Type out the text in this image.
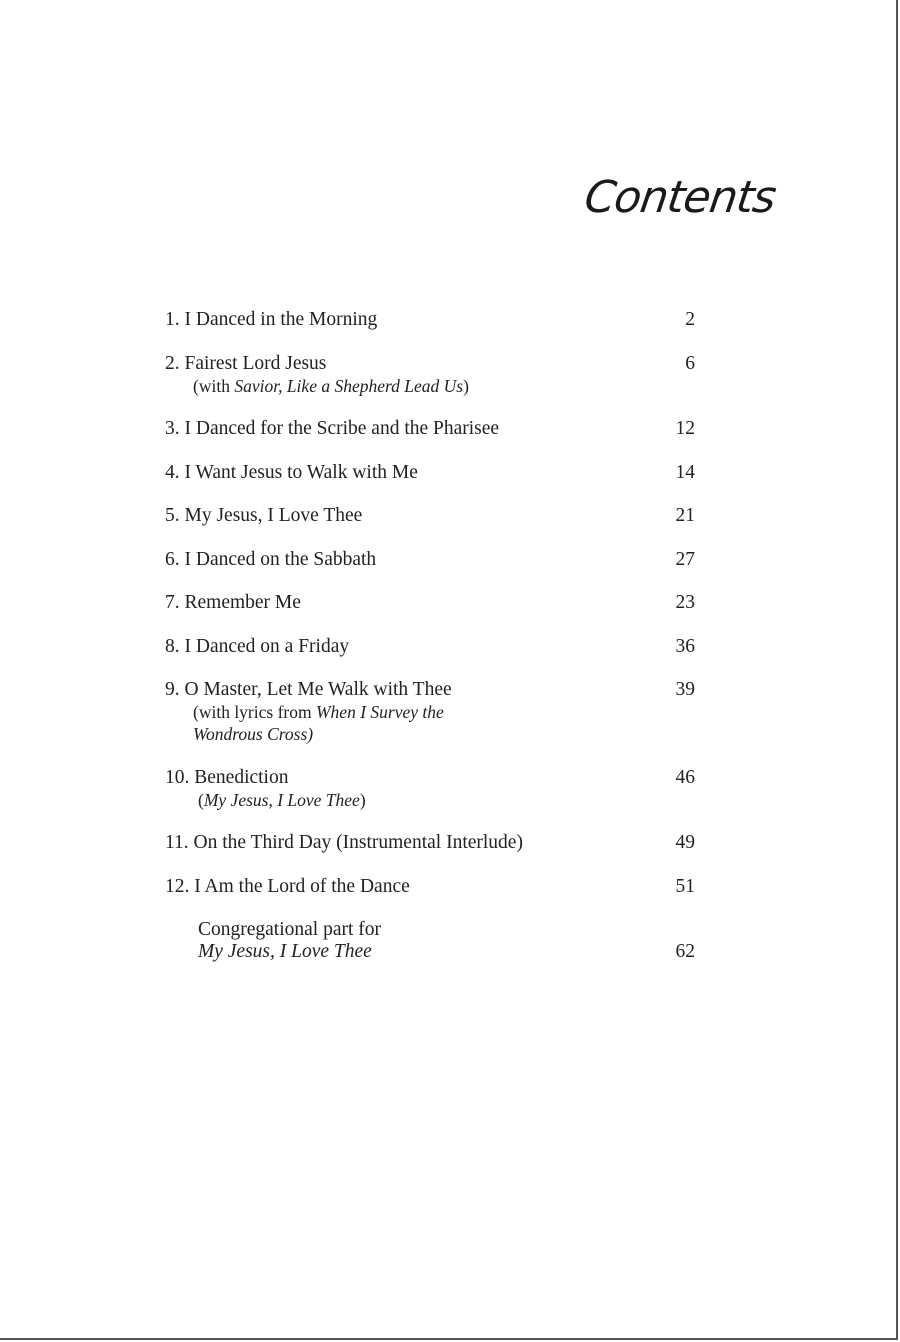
Contents
1. I Danced in the Morning	2
2. Fairest Lord Jesus	6
(with Savior, Like a Shepherd Lead Us)
3. I Danced for the Scribe and the Pharisee	12
4. I Want Jesus to Walk with Me	14
5. My Jesus, I Love Thee	21
6. I Danced on the Sabbath	27
7. Remember Me	23
8. I Danced on a Friday	36
9. O Master, Let Me Walk with Thee	39
(with lyrics from When I Survey the
Wondrous Cross)
10. Benediction	46
(My Jesus, I Love Thee)
11. On the Third Day (Instrumental Interlude)	49
12. I Am the Lord of the Dance	51
Congregational part for
My Jesus, I Love Thee	62
